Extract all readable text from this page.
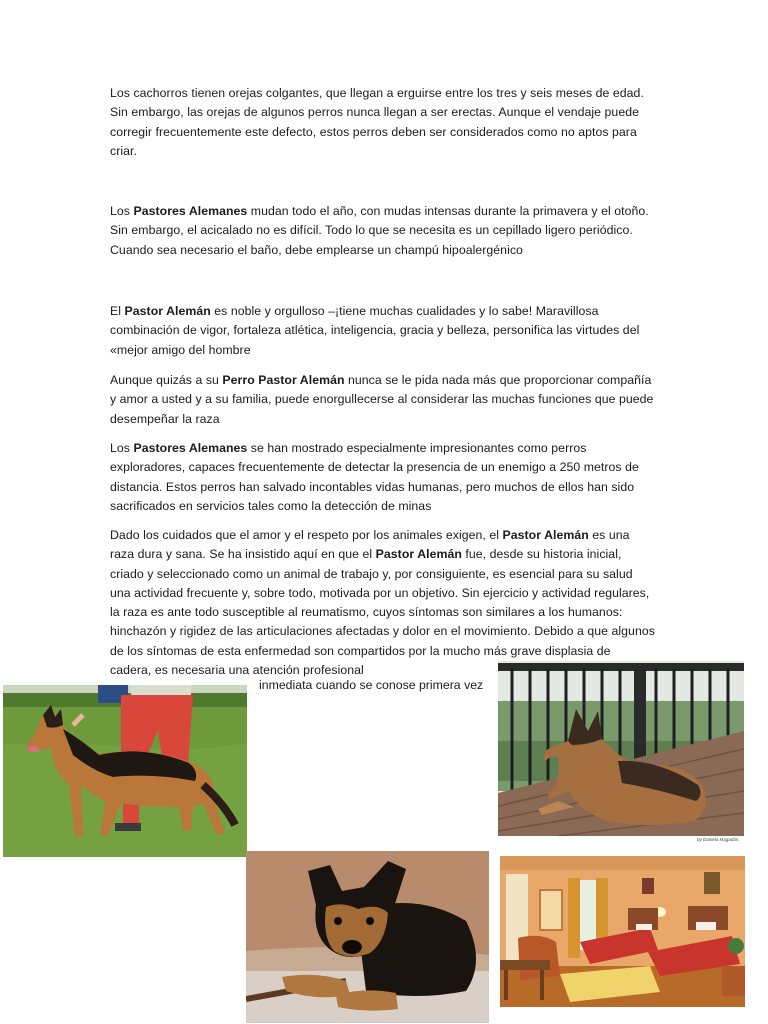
Los cachorros tienen orejas colgantes, que llegan a erguirse entre los tres y seis meses de edad. Sin embargo, las orejas de algunos perros nunca llegan a ser erectas. Aunque el vendaje puede corregir frecuentemente este defecto, estos perros deben ser considerados como no aptos para criar.

Los Pastores Alemanes mudan todo el año, con mudas intensas durante la primavera y el otoño. Sin embargo, el acicalado no es difícil. Todo lo que se necesita es un cepillado ligero periódico. Cuando sea necesario el baño, debe emplearse un champú hipoalergénico

El Pastor Alemán es noble y orgulloso –¡tiene muchas cualidades y lo sabe! Maravillosa combinación de vigor, fortaleza atlética, inteligencia, gracia y belleza, personifica las virtudes del «mejor amigo del hombre

Aunque quizás a su Perro Pastor Alemán nunca se le pida nada más que proporcionar compañía y amor a usted y a su familia, puede enorgullecerse al considerar las muchas funciones que puede desempeñar la raza

Los Pastores Alemanes se han mostrado especialmente impresionantes como perros exploradores, capaces frecuentemente de detectar la presencia de un enemigo a 250 metros de distancia. Estos perros han salvado incontables vidas humanas, pero muchos de ellos han sido sacrificados en servicios tales como la detección de minas

Dado los cuidados que el amor y el respeto por los animales exigen, el Pastor Alemán es una raza dura y sana. Se ha insistido aquí en que el Pastor Alemán fue, desde su historia inicial, criado y seleccionado como un animal de trabajo y, por consiguiente, es esencial para su salud una actividad frecuente y, sobre todo, motivada por un objetivo. Sin ejercicio y actividad regulares, la raza es ante todo susceptible al reumatismo, cuyos síntomas son similares a los humanos: hinchazón y rigidez de las articulaciones afectadas y dolor en el movimiento. Debido a que algunos de los síntomas de esta enfermedad son compartidos por la mucho más grave displasia de cadera, es necesaria una atención profesional

inmediata cuando se conose primera vez

by Daniela Magadán
